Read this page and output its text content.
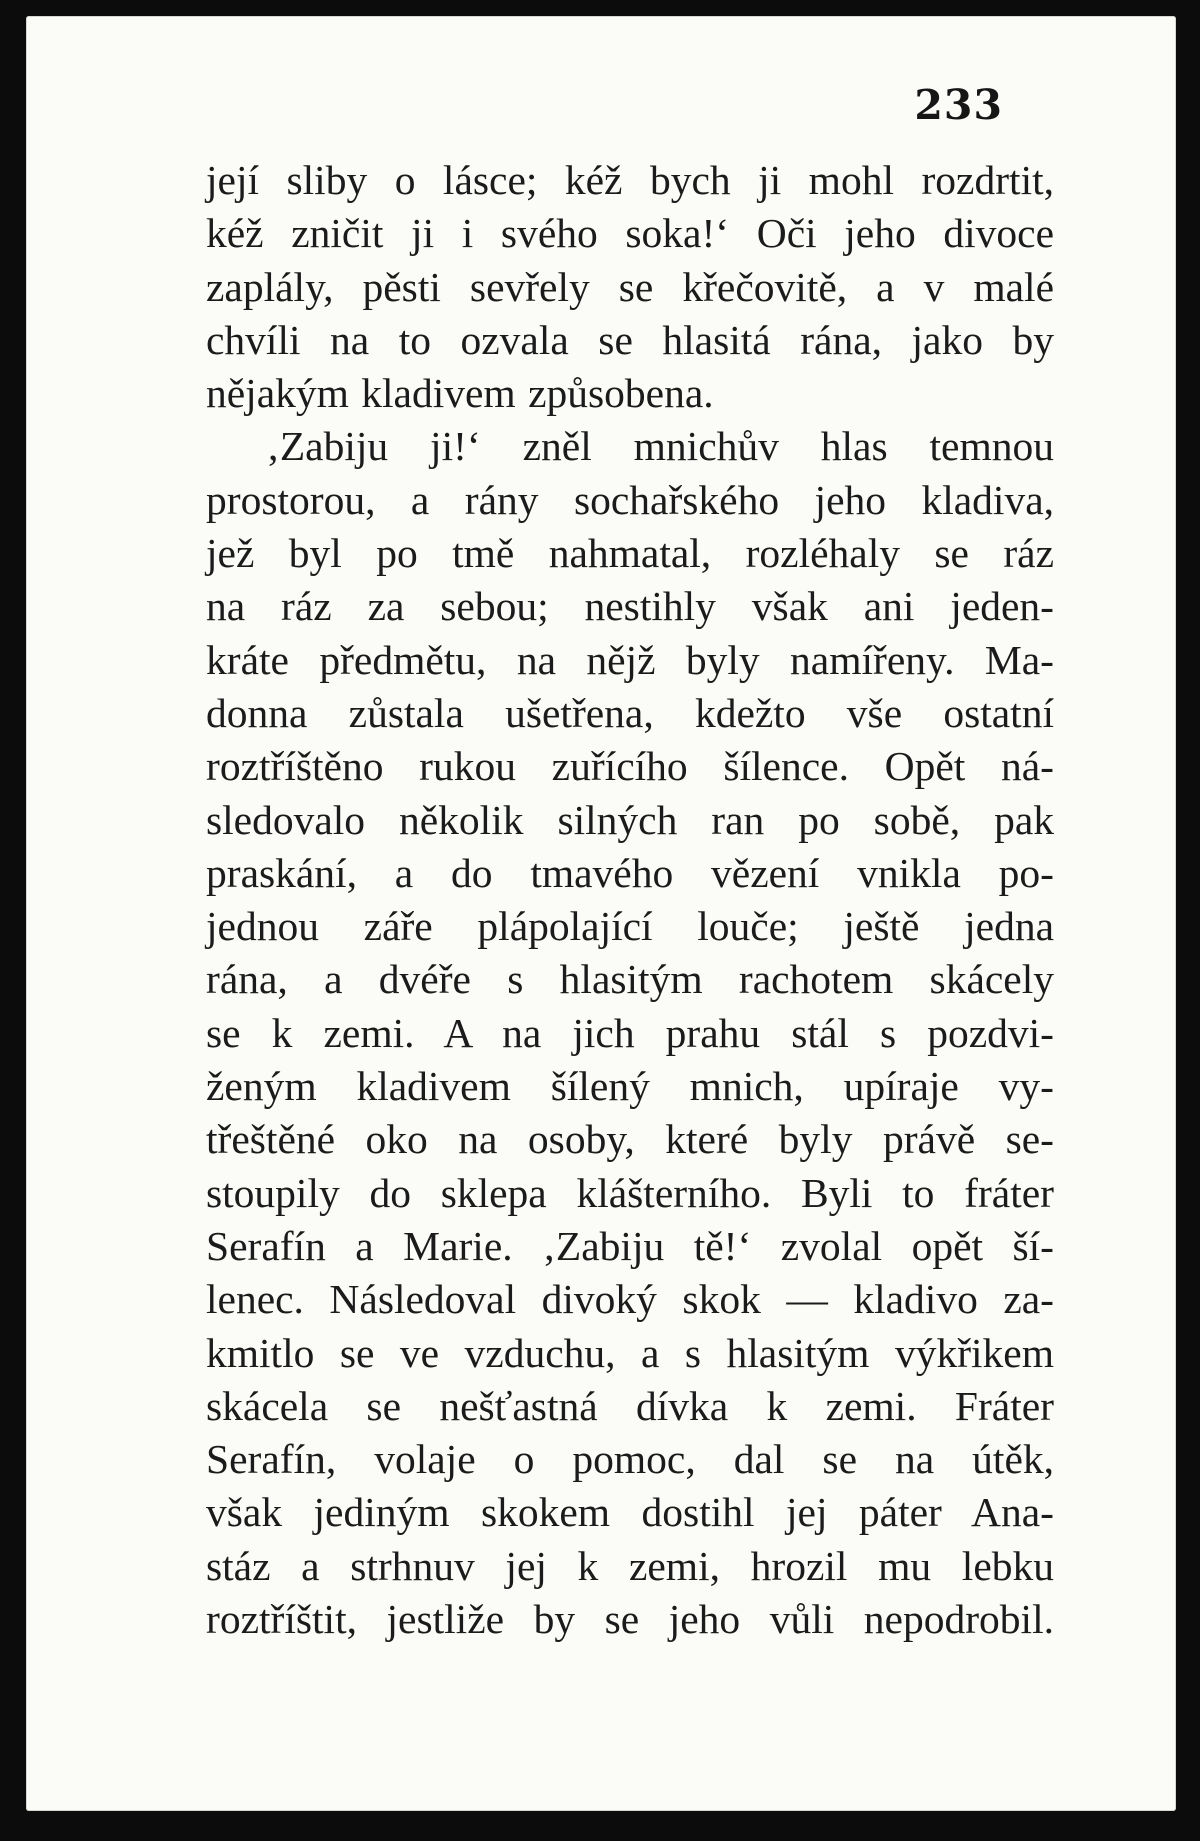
233
její sliby o lásce; kéž bych ji mohl rozdrtit,
kéž zničit ji i svého soka!‘ Oči jeho divoce
zaplály, pěsti sevřely se křečovitě, a v malé
chvíli na to ozvala se hlasitá rána, jako by
nějakým kladivem způsobena.
‚Zabiju ji!‘ zněl mnichův hlas temnou
prostorou, a rány sochařského jeho kladiva,
jež byl po tmě nahmatal, rozléhaly se ráz
na ráz za sebou; nestihly však ani jeden-
kráte předmětu, na nějž byly namířeny. Ma-
donna zůstala ušetřena, kdežto vše ostatní
roztříštěno rukou zuřícího šílence. Opět ná-
sledovalo několik silných ran po sobě, pak
praskání, a do tmavého vězení vnikla po-
jednou záře plápolající louče; ještě jedna
rána, a dvéře s hlasitým rachotem skácely
se k zemi. A na jich prahu stál s pozdvi-
ženým kladivem šílený mnich, upíraje vy-
třeštěné oko na osoby, které byly právě se-
stoupily do sklepa klášterního. Byli to fráter
Serafín a Marie. ‚Zabiju tě!‘ zvolal opět ší-
lenec. Následoval divoký skok — kladivo za-
kmitlo se ve vzduchu, a s hlasitým výkřikem
skácela se nešťastná dívka k zemi. Fráter
Serafín, volaje o pomoc, dal se na útěk,
však jediným skokem dostihl jej páter Ana-
stáz a strhnuv jej k zemi, hrozil mu lebku
roztříštit, jestliže by se jeho vůli nepodrobil.
